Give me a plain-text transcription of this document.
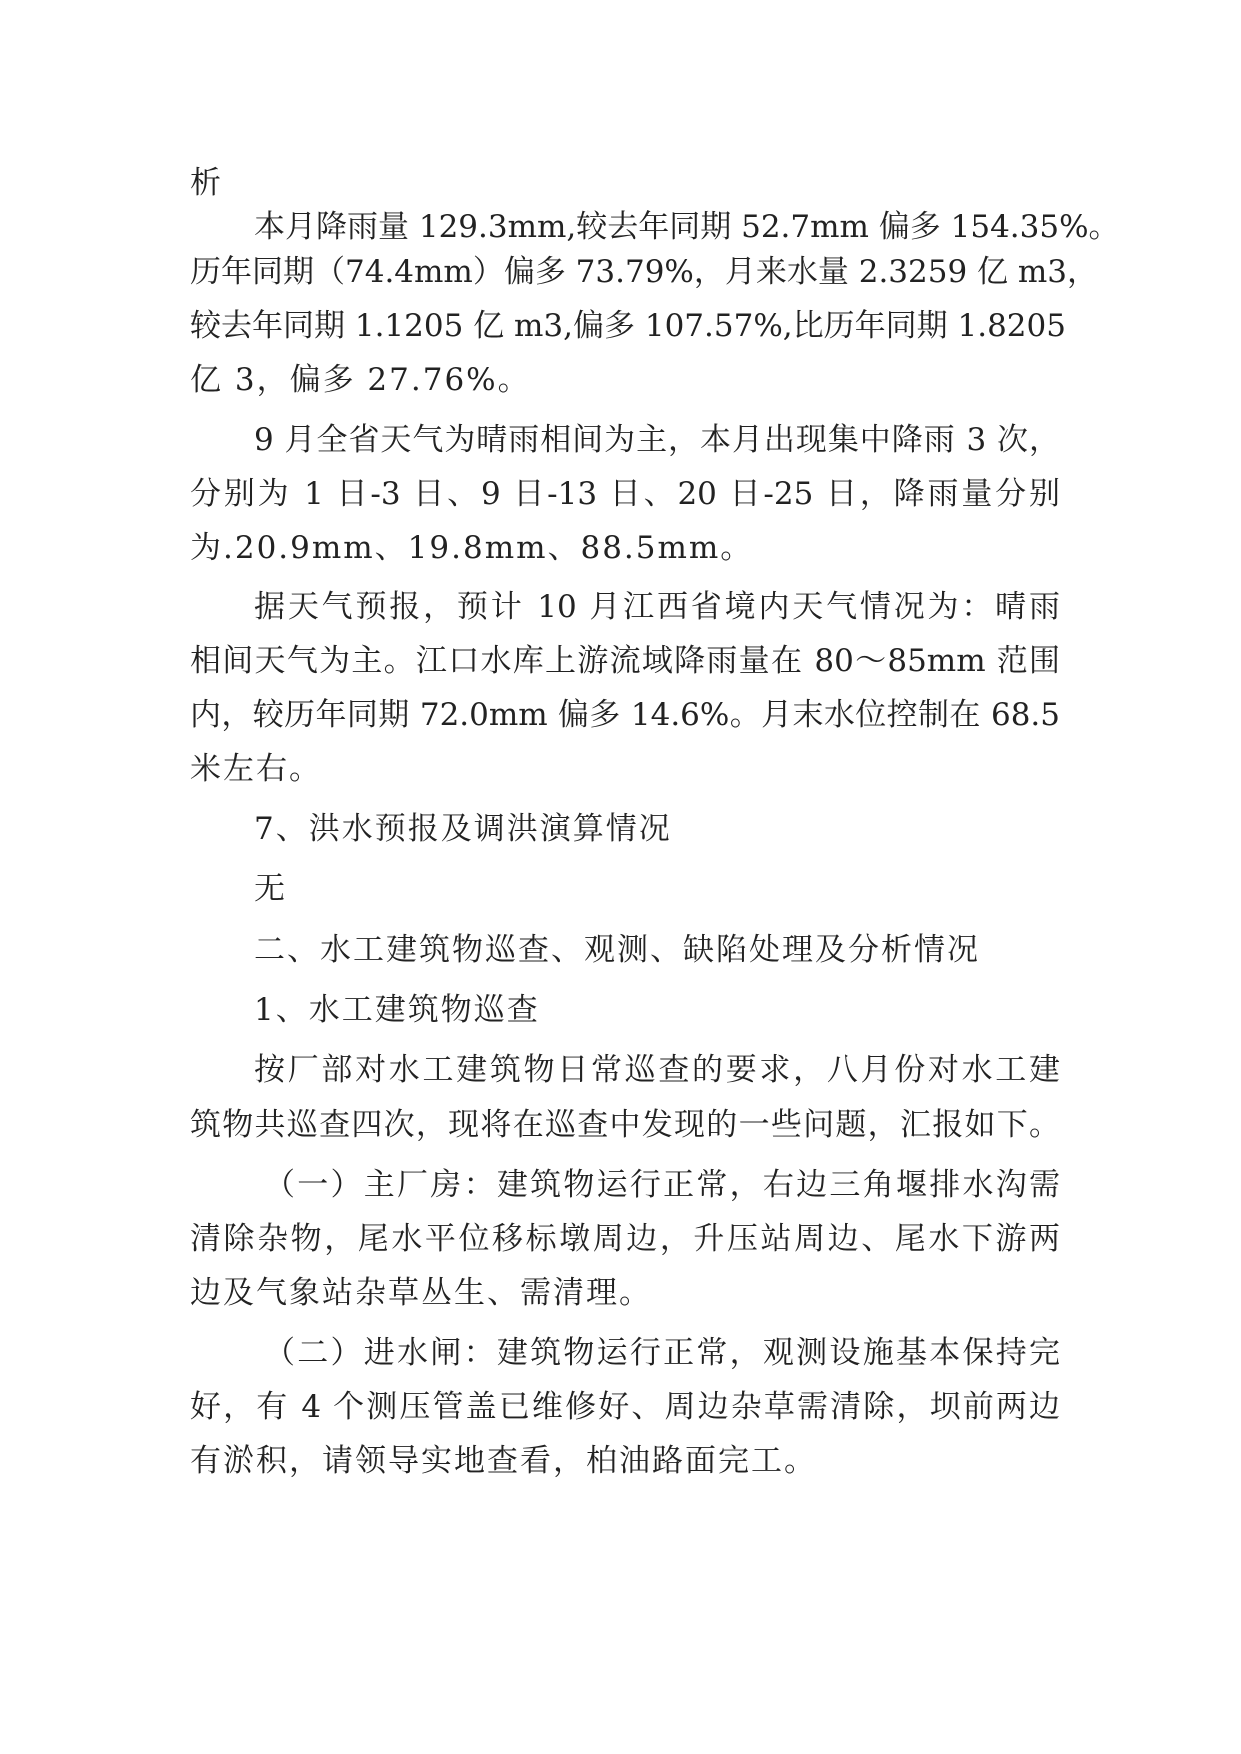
析

本月降雨量 129.3mm,较去年同期 52.7mm 偏多 154.35%。

历年同期（74.4mm）偏多 73.79%，月来水量 2.3259 亿 m3，

较去年同期 1.1205 亿 m3,偏多 107.57%,比历年同期 1.8205

亿 3，偏多 27.76%。

9 月全省天气为晴雨相间为主，本月出现集中降雨 3 次，

分别为 1 日-3 日、9 日-13 日、20 日-25 日，降雨量分别

为.20.9mm、19.8mm、88.5mm。

据天气预报，预计 10 月江西省境内天气情况为：晴雨

相间天气为主。江口水库上游流域降雨量在 80～85mm 范围

内，较历年同期 72.0mm 偏多 14.6%。月末水位控制在 68.5

米左右。

7、洪水预报及调洪演算情况

无

二、水工建筑物巡查、观测、缺陷处理及分析情况

1、水工建筑物巡查

按厂部对水工建筑物日常巡查的要求，八月份对水工建

筑物共巡查四次，现将在巡查中发现的一些问题，汇报如下。

（一）主厂房：建筑物运行正常，右边三角堰排水沟需

清除杂物，尾水平位移标墩周边，升压站周边、尾水下游两

边及气象站杂草丛生、需清理。

（二）进水闸：建筑物运行正常，观测设施基本保持完

好，有 4 个测压管盖已维修好、周边杂草需清除，坝前两边

有淤积，请领导实地查看，柏油路面完工。
